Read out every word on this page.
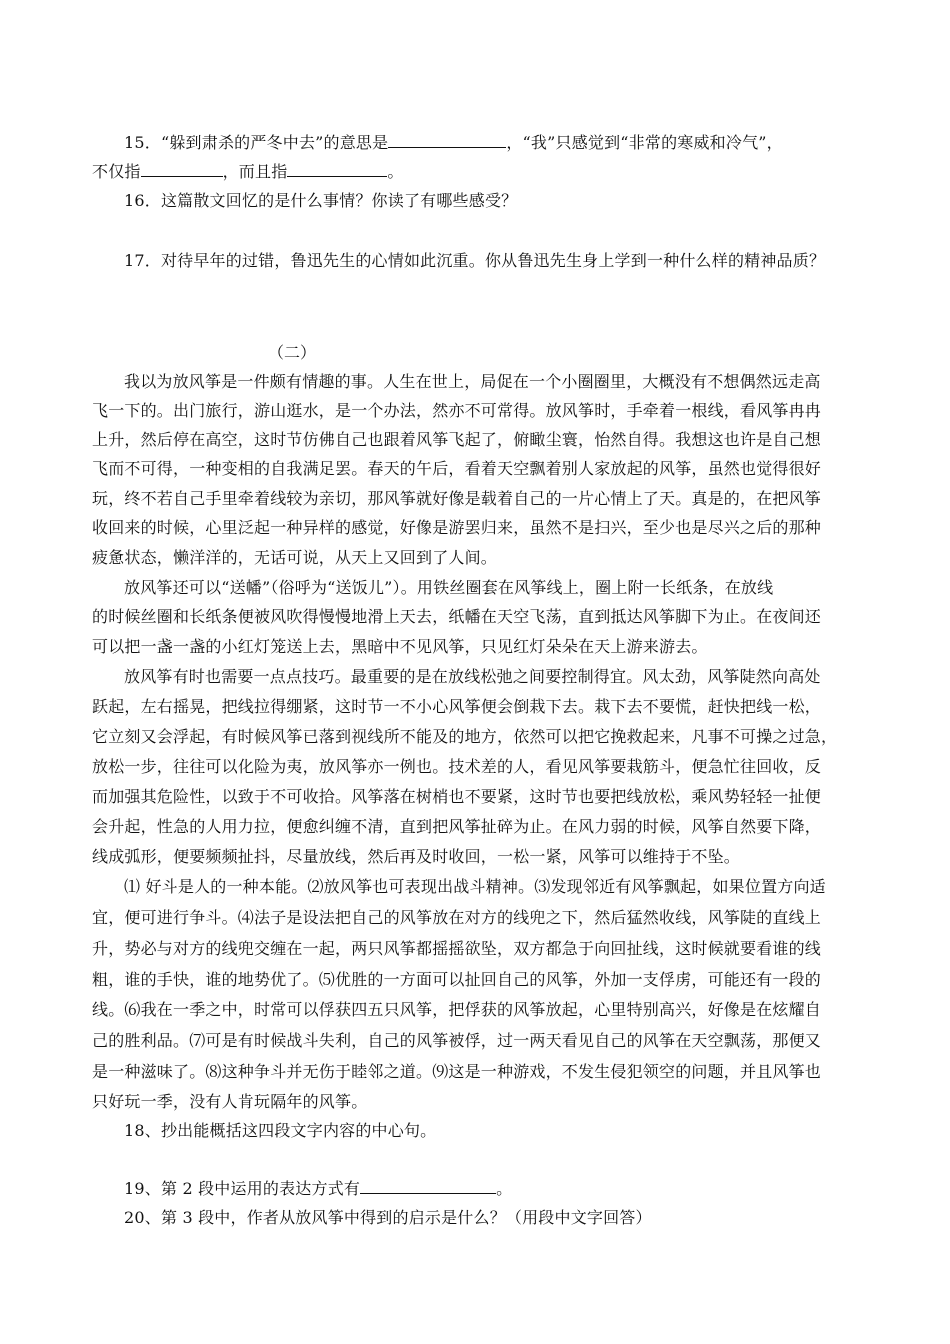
15．“躲到肃杀的严冬中去”的意思是	，“我”只感觉到“非常的寒威和冷气”，
不仅指	，而且指	。
16．这篇散文回忆的是什么事情？你读了有哪些感受？
17．对待早年的过错，鲁迅先生的心情如此沉重。你从鲁迅先生身上学到一种什么样的精神品质？
（二）
我以为放风筝是一件颇有情趣的事。人生在世上，局促在一个小圈圈里，大概没有不想偶然远走高
飞一下的。出门旅行，游山逛水，是一个办法，然亦不可常得。放风筝时，手牵着一根线，看风筝冉冉
上升，然后停在高空，这时节仿佛自己也跟着风筝飞起了，俯瞰尘寰，怡然自得。我想这也许是自己想
飞而不可得，一种变相的自我满足罢。春天的午后，看着天空飘着别人家放起的风筝，虽然也觉得很好
玩，终不若自己手里牵着线较为亲切，那风筝就好像是载着自己的一片心情上了天。真是的，在把风筝
收回来的时候，心里泛起一种异样的感觉，好像是游罢归来，虽然不是扫兴，至少也是尽兴之后的那种
疲惫状态，懒洋洋的，无话可说，从天上又回到了人间。
放风筝还可以“送幡”（俗呼为“送饭儿”）。用铁丝圈套在风筝线上，圈上附一长纸条，在放线
的时候丝圈和长纸条便被风吹得慢慢地滑上天去，纸幡在天空飞荡，直到抵达风筝脚下为止。在夜间还
可以把一盏一盏的小红灯笼送上去，黑暗中不见风筝，只见红灯朵朵在天上游来游去。
放风筝有时也需要一点点技巧。最重要的是在放线松弛之间要控制得宜。风太劲，风筝陡然向高处
跃起，左右摇晃，把线拉得绷紧，这时节一不小心风筝便会倒栽下去。栽下去不要慌，赶快把线一松，
它立刻又会浮起，有时候风筝已落到视线所不能及的地方，依然可以把它挽救起来，凡事不可操之过急，
放松一步，往往可以化险为夷，放风筝亦一例也。技术差的人，看见风筝要栽筋斗，便急忙往回收，反
而加强其危险性，以致于不可收拾。风筝落在树梢也不要紧，这时节也要把线放松，乘风势轻轻一扯便
会升起，性急的人用力拉，便愈纠缠不清，直到把风筝扯碎为止。在风力弱的时候，风筝自然要下降，
线成弧形，便要频频扯抖，尽量放线，然后再及时收回，一松一紧，风筝可以维持于不坠。
⑴ 好斗是人的一种本能。⑵放风筝也可表现出战斗精神。⑶发现邻近有风筝飘起，如果位置方向适
宜，便可进行争斗。⑷法子是设法把自己的风筝放在对方的线兜之下，然后猛然收线，风筝陡的直线上
升，势必与对方的线兜交缠在一起，两只风筝都摇摇欲坠，双方都急于向回扯线，这时候就要看谁的线
粗，谁的手快，谁的地势优了。⑸优胜的一方面可以扯回自己的风筝，外加一支俘虏，可能还有一段的
线。⑹我在一季之中，时常可以俘获四五只风筝，把俘获的风筝放起，心里特别高兴，好像是在炫耀自
己的胜利品。⑺可是有时候战斗失利，自己的风筝被俘，过一两天看见自己的风筝在天空飘荡，那便又
是一种滋味了。⑻这种争斗并无伤于睦邻之道。⑼这是一种游戏，不发生侵犯领空的问题，并且风筝也
只好玩一季，没有人肯玩隔年的风筝。
18、抄出能概括这四段文字内容的中心句。
19、第 2 段中运用的表达方式有	。
20、第 3 段中，作者从放风筝中得到的启示是什么？（用段中文字回答）
